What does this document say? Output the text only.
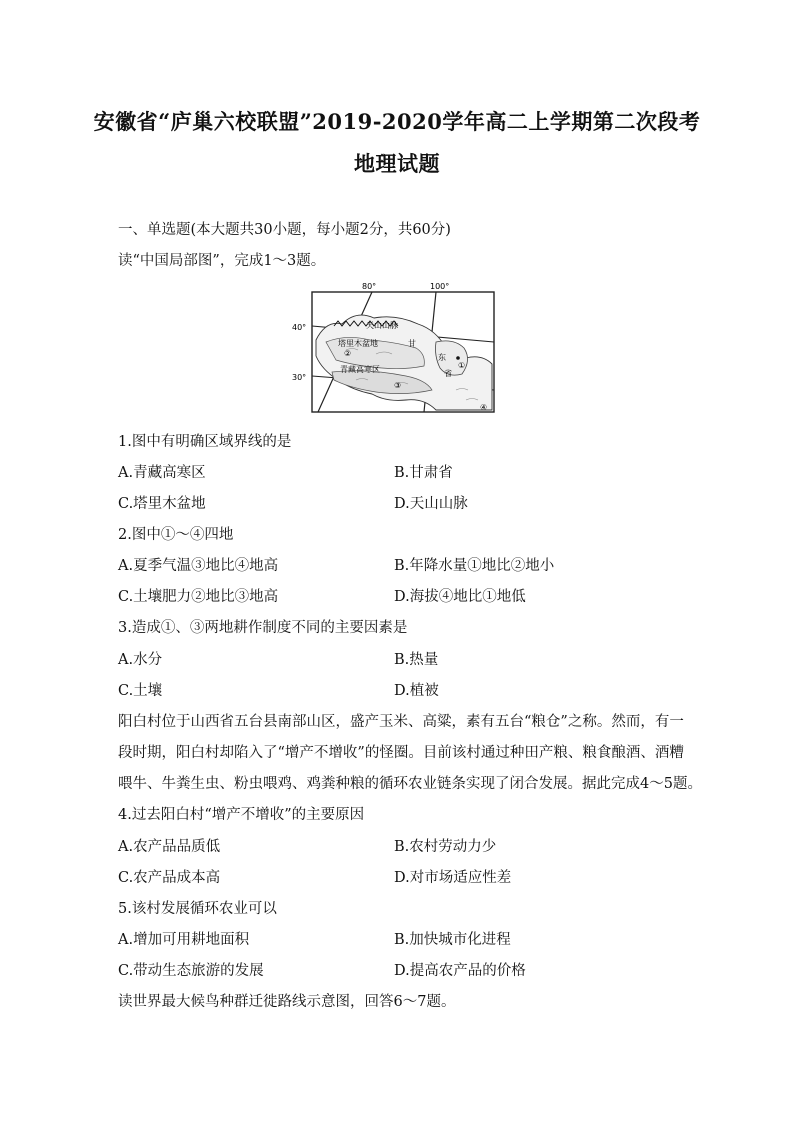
安徽省“庐巢六校联盟”2019-2020学年高二上学期第二次段考
地理试题
一、单选题(本大题共30小题，每小题2分，共60分)
读“中国局部图”，完成1～3题。
80°	100°
40°
30°
天山山脉
塔里木盆地	甘
青藏高寒区
东
省
①
②
③
④
1.图中有明确区域界线的是
A.青藏高寒区	B.甘肃省
C.塔里木盆地	D.天山山脉
2.图中①～④四地
A.夏季气温③地比④地高	B.年降水量①地比②地小
C.土壤肥力②地比③地高	D.海拔④地比①地低
3.造成①、③两地耕作制度不同的主要因素是
A.水分	B.热量
C.土壤	D.植被
阳白村位于山西省五台县南部山区，盛产玉米、高粱，素有五台“粮仓”之称。然而，有一
段时期，阳白村却陷入了“增产不增收”的怪圈。目前该村通过种田产粮、粮食酿酒、酒糟
喂牛、牛粪生虫、粉虫喂鸡、鸡粪种粮的循环农业链条实现了闭合发展。据此完成4～5题。
4.过去阳白村“增产不增收”的主要原因
A.农产品品质低	B.农村劳动力少
C.农产品成本高	D.对市场适应性差
5.该村发展循环农业可以
A.增加可用耕地面积	B.加快城市化进程
C.带动生态旅游的发展	D.提高农产品的价格
读世界最大候鸟种群迁徙路线示意图，回答6～7题。
